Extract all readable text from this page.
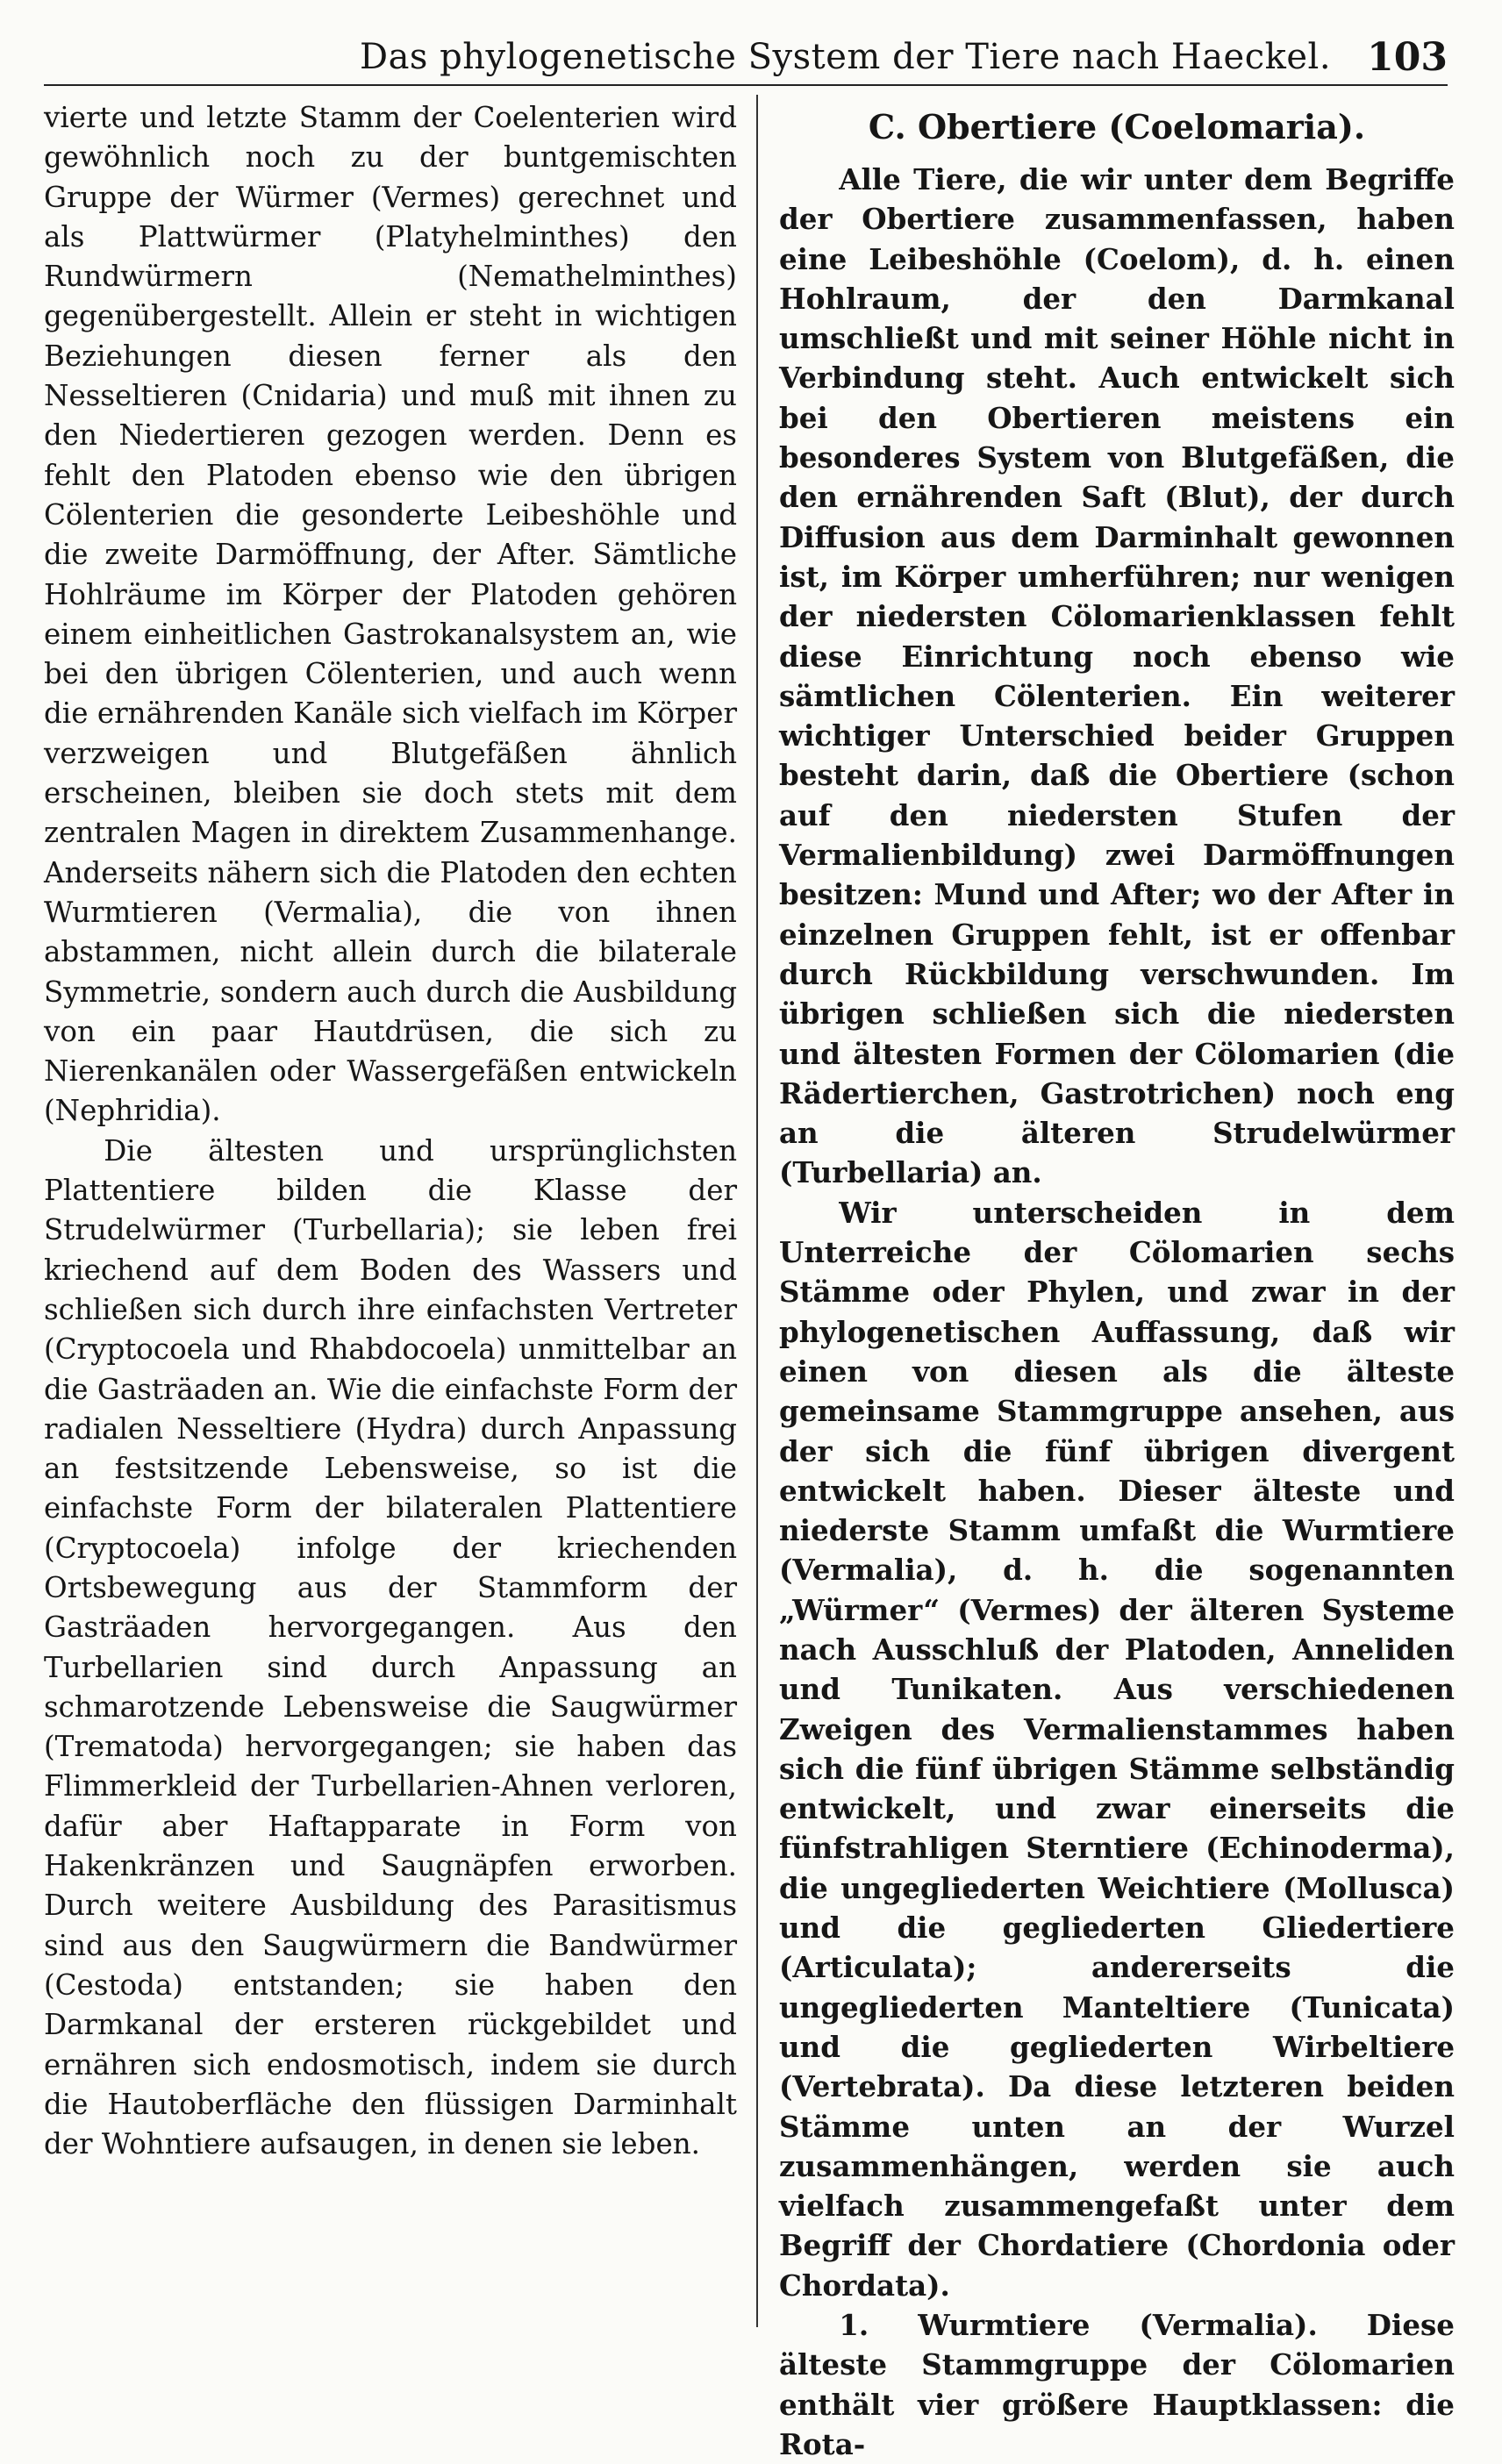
Das phylogenetische System der Tiere nach Haeckel. 103

vierte und letzte Stamm der Coelenterien wird gewöhnlich noch zu der buntgemischten Gruppe der Würmer (Vermes) gerechnet und als Plattwürmer (Platyhelminthes) den Rundwürmern (Nemathelminthes) gegenübergestellt. Allein er steht in wichtigen Beziehungen diesen ferner als den Nesseltieren (Cnidaria) und muß mit ihnen zu den Niedertieren gezogen werden. Denn es fehlt den Platoden ebenso wie den übrigen Cölenterien die gesonderte Leibeshöhle und die zweite Darmöffnung, der After. Sämtliche Hohlräume im Körper der Platoden gehören einem einheitlichen Gastrokanalsystem an, wie bei den übrigen Cölenterien, und auch wenn die ernährenden Kanäle sich vielfach im Körper verzweigen und Blutgefäßen ähnlich erscheinen, bleiben sie doch stets mit dem zentralen Magen in direktem Zusammenhange. Anderseits nähern sich die Platoden den echten Wurmtieren (Vermalia), die von ihnen abstammen, nicht allein durch die bilaterale Symmetrie, sondern auch durch die Ausbildung von ein paar Hautdrüsen, die sich zu Nierenkanälen oder Wassergefäßen entwickeln (Nephridia).

Die ältesten und ursprünglichsten Plattentiere bilden die Klasse der Strudelwürmer (Turbellaria); sie leben frei kriechend auf dem Boden des Wassers und schließen sich durch ihre einfachsten Vertreter (Cryptocoela und Rhabdocoela) unmittelbar an die Gasträaden an. Wie die einfachste Form der radialen Nesseltiere (Hydra) durch Anpassung an festsitzende Lebensweise, so ist die einfachste Form der bilateralen Plattentiere (Cryptocoela) infolge der kriechenden Ortsbewegung aus der Stammform der Gasträaden hervorgegangen. Aus den Turbellarien sind durch Anpassung an schmarotzende Lebensweise die Saugwürmer (Trematoda) hervorgegangen; sie haben das Flimmerkleid der Turbellarien-Ahnen verloren, dafür aber Haftapparate in Form von Hakenkränzen und Saugnäpfen erworben. Durch weitere Ausbildung des Parasitismus sind aus den Saugwürmern die Bandwürmer (Cestoda) entstanden; sie haben den Darmkanal der ersteren rückgebildet und ernähren sich endosmotisch, indem sie durch die Hautoberfläche den flüssigen Darminhalt der Wohntiere aufsaugen, in denen sie leben.

C. Obertiere (Coelomaria).

Alle Tiere, die wir unter dem Begriffe der Obertiere zusammenfassen, haben eine Leibeshöhle (Coelom), d. h. einen Hohlraum, der den Darmkanal umschließt und mit seiner Höhle nicht in Verbindung steht. Auch entwickelt sich bei den Obertieren meistens ein besonderes System von Blutgefäßen, die den ernährenden Saft (Blut), der durch Diffusion aus dem Darminhalt gewonnen ist, im Körper umherführen; nur wenigen der niedersten Cölomarienklassen fehlt diese Einrichtung noch ebenso wie sämtlichen Cölenterien. Ein weiterer wichtiger Unterschied beider Gruppen besteht darin, daß die Obertiere (schon auf den niedersten Stufen der Vermalienbildung) zwei Darmöffnungen besitzen: Mund und After; wo der After in einzelnen Gruppen fehlt, ist er offenbar durch Rückbildung verschwunden. Im übrigen schließen sich die niedersten und ältesten Formen der Cölomarien (die Rädertierchen, Gastrotrichen) noch eng an die älteren Strudelwürmer (Turbellaria) an.

Wir unterscheiden in dem Unterreiche der Cölomarien sechs Stämme oder Phylen, und zwar in der phylogenetischen Auffassung, daß wir einen von diesen als die älteste gemeinsame Stammgruppe ansehen, aus der sich die fünf übrigen divergent entwickelt haben. Dieser älteste und niederste Stamm umfaßt die Wurmtiere (Vermalia), d. h. die sogenannten „Würmer“ (Vermes) der älteren Systeme nach Ausschluß der Platoden, Anneliden und Tunikaten. Aus verschiedenen Zweigen des Vermalienstammes haben sich die fünf übrigen Stämme selbständig entwickelt, und zwar einerseits die fünfstrahligen Sterntiere (Echinoderma), die ungegliederten Weichtiere (Mollusca) und die gegliederten Gliedertiere (Articulata); andererseits die ungegliederten Manteltiere (Tunicata) und die gegliederten Wirbeltiere (Vertebrata). Da diese letzteren beiden Stämme unten an der Wurzel zusammenhängen, werden sie auch vielfach zusammengefaßt unter dem Begriff der Chordatiere (Chordonia oder Chordata).

1. Wurmtiere (Vermalia). Diese älteste Stammgruppe der Cölomarien enthält vier größere Hauptklassen: die Rota-
